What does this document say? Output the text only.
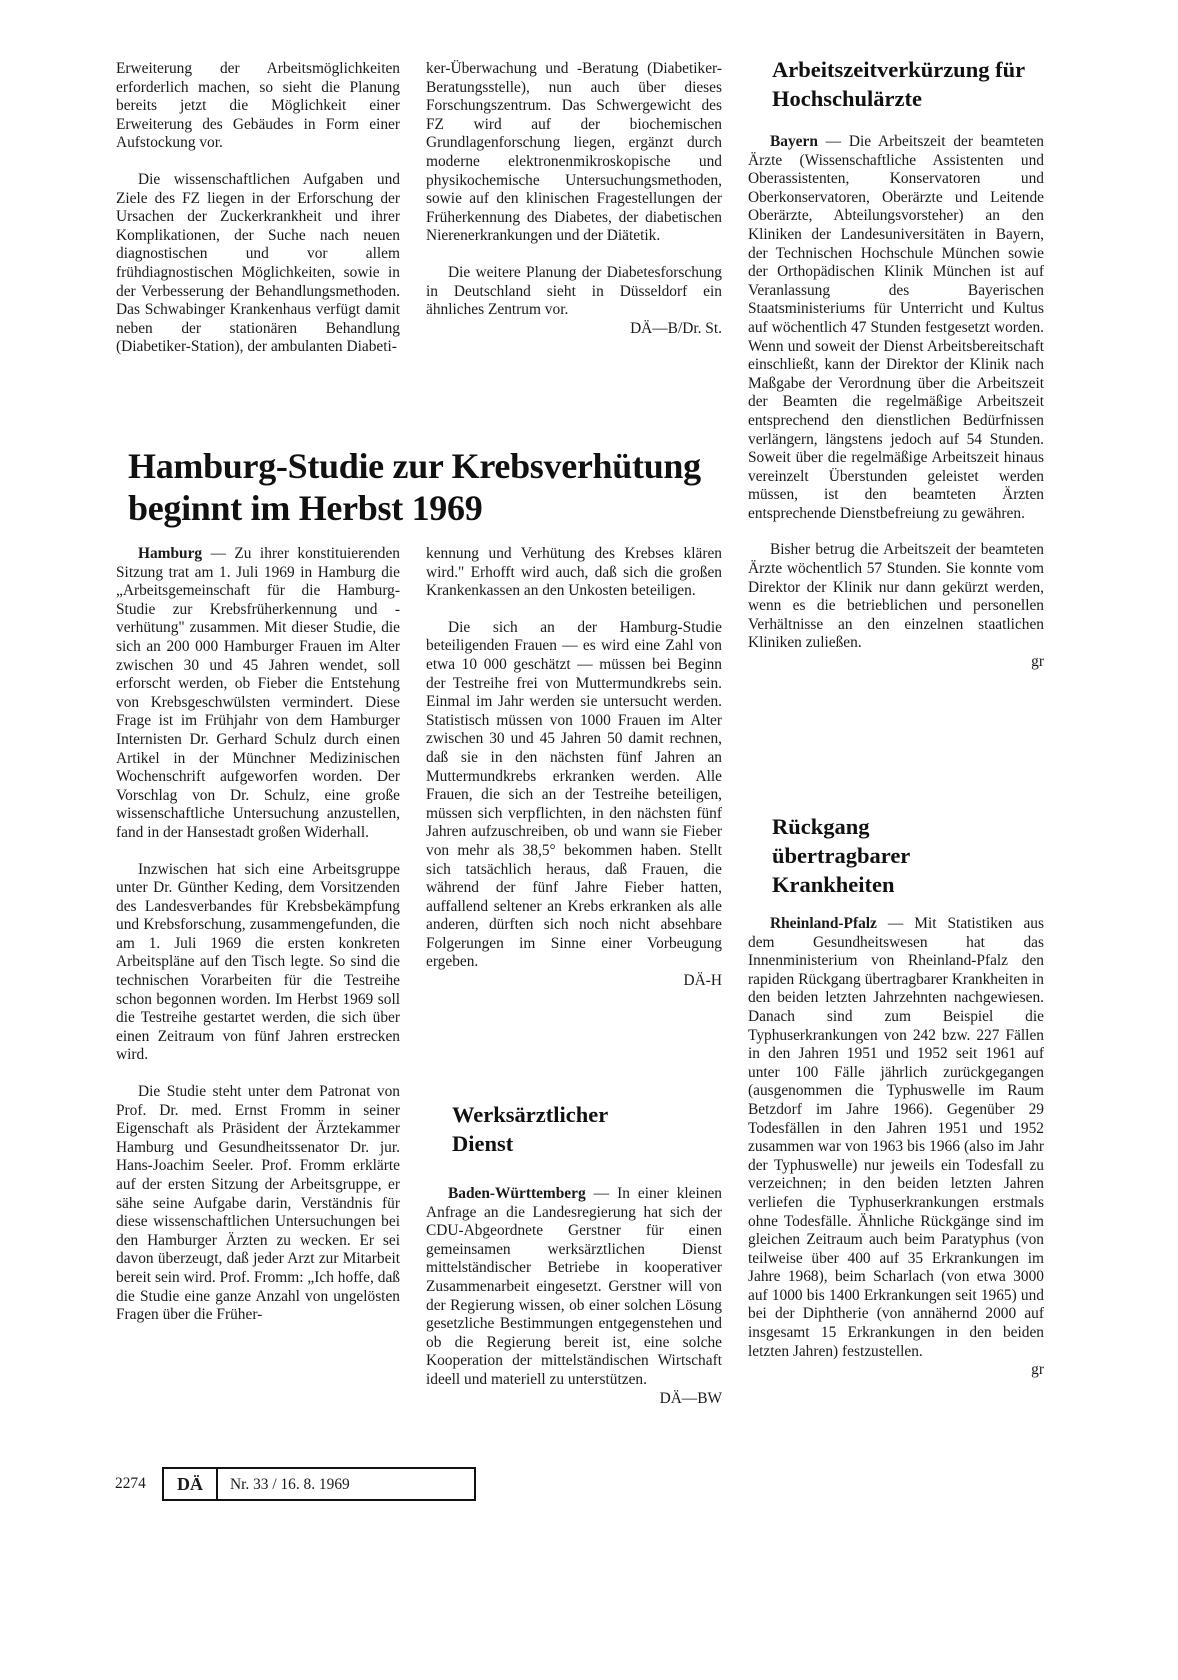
Erweiterung der Arbeitsmöglichkeiten erforderlich machen, so sieht die Planung bereits jetzt die Möglichkeit einer Erweiterung des Gebäudes in Form einer Aufstockung vor.

Die wissenschaftlichen Aufgaben und Ziele des FZ liegen in der Erforschung der Ursachen der Zuckerkrankheit und ihrer Komplikationen, der Suche nach neuen diagnostischen und vor allem frühdiagnostischen Möglichkeiten, sowie in der Verbesserung der Behandlungsmethoden. Das Schwabinger Krankenhaus verfügt damit neben der stationären Behandlung (Diabetiker-Station), der ambulanten Diabeti-

ker-Überwachung und -Beratung (Diabetiker-Beratungsstelle), nun auch über dieses Forschungszentrum. Das Schwergewicht des FZ wird auf der biochemischen Grundlagenforschung liegen, ergänzt durch moderne elektronenmikroskopische und physikochemische Untersuchungsmethoden, sowie auf den klinischen Fragestellungen der Früherkennung des Diabetes, der diabetischen Nierenerkrankungen und der Diätetik.

Die weitere Planung der Diabetesforschung in Deutschland sieht in Düsseldorf ein ähnliches Zentrum vor.

DÄ—B/Dr. St.
Hamburg-Studie zur Krebsverhütung beginnt im Herbst 1969

Hamburg — Zu ihrer konstituierenden Sitzung trat am 1. Juli 1969 in Hamburg die „Arbeitsgemeinschaft für die Hamburg-Studie zur Krebsfrüherkennung und -verhütung" zusammen. Mit dieser Studie, die sich an 200 000 Hamburger Frauen im Alter zwischen 30 und 45 Jahren wendet, soll erforscht werden, ob Fieber die Entstehung von Krebsgeschwülsten vermindert. Diese Frage ist im Frühjahr von dem Hamburger Internisten Dr. Gerhard Schulz durch einen Artikel in der Münchner Medizinischen Wochenschrift aufgeworfen worden. Der Vorschlag von Dr. Schulz, eine große wissenschaftliche Untersuchung anzustellen, fand in der Hansestadt großen Widerhall.

Inzwischen hat sich eine Arbeitsgruppe unter Dr. Günther Keding, dem Vorsitzenden des Landesverbandes für Krebsbekämpfung und Krebsforschung, zusammengefunden, die am 1. Juli 1969 die ersten konkreten Arbeitspläne auf den Tisch legte. So sind die technischen Vorarbeiten für die Testreihe schon begonnen worden. Im Herbst 1969 soll die Testreihe gestartet werden, die sich über einen Zeitraum von fünf Jahren erstrecken wird.

Die Studie steht unter dem Patronat von Prof. Dr. med. Ernst Fromm in seiner Eigenschaft als Präsident der Ärztekammer Hamburg und Gesundheitssenator Dr. jur. Hans-Joachim Seeler. Prof. Fromm erklärte auf der ersten Sitzung der Arbeitsgruppe, er sähe seine Aufgabe darin, Verständnis für diese wissenschaftlichen Untersuchungen bei den Hamburger Ärzten zu wecken. Er sei davon überzeugt, daß jeder Arzt zur Mitarbeit bereit sein wird. Prof. Fromm: „Ich hoffe, daß die Studie eine ganze Anzahl von ungelösten Fragen über die Früher-

kennung und Verhütung des Krebses klären wird." Erhofft wird auch, daß sich die großen Krankenkassen an den Unkosten beteiligen.

Die sich an der Hamburg-Studie beteiligenden Frauen — es wird eine Zahl von etwa 10 000 geschätzt — müssen bei Beginn der Testreihe frei von Muttermundkrebs sein. Einmal im Jahr werden sie untersucht werden. Statistisch müssen von 1000 Frauen im Alter zwischen 30 und 45 Jahren 50 damit rechnen, daß sie in den nächsten fünf Jahren an Muttermundkrebs erkranken werden. Alle Frauen, die sich an der Testreihe beteiligen, müssen sich verpflichten, in den nächsten fünf Jahren aufzuschreiben, ob und wann sie Fieber von mehr als 38,5° bekommen haben. Stellt sich tatsächlich heraus, daß Frauen, die während der fünf Jahre Fieber hatten, auffallend seltener an Krebs erkranken als alle anderen, dürften sich noch nicht absehbare Folgerungen im Sinne einer Vorbeugung ergeben.

DÄ-H
Werksärztlicher Dienst

Baden-Württemberg — In einer kleinen Anfrage an die Landesregierung hat sich der CDU-Abgeordnete Gerstner für einen gemeinsamen werksärztlichen Dienst mittelständischer Betriebe in kooperativer Zusammenarbeit eingesetzt. Gerstner will von der Regierung wissen, ob einer solchen Lösung gesetzliche Bestimmungen entgegenstehen und ob die Regierung bereit ist, eine solche Kooperation der mittelständischen Wirtschaft ideell und materiell zu unterstützen.

DÄ—BW
Arbeitszeitverkürzung für Hochschulärzte

Bayern — Die Arbeitszeit der beamteten Ärzte (Wissenschaftliche Assistenten und Oberassistenten, Konservatoren und Oberkonservatoren, Oberärzte und Leitende Oberärzte, Abteilungsvorsteher) an den Kliniken der Landesuniversitäten in Bayern, der Technischen Hochschule München sowie der Orthopädischen Klinik München ist auf Veranlassung des Bayerischen Staatsministeriums für Unterricht und Kultus auf wöchentlich 47 Stunden festgesetzt worden. Wenn und soweit der Dienst Arbeitsbereitschaft einschließt, kann der Direktor der Klinik nach Maßgabe der Verordnung über die Arbeitszeit der Beamten die regelmäßige Arbeitszeit entsprechend den dienstlichen Bedürfnissen verlängern, längstens jedoch auf 54 Stunden. Soweit über die regelmäßige Arbeitszeit hinaus vereinzelt Überstunden geleistet werden müssen, ist den beamteten Ärzten entsprechende Dienstbefreiung zu gewähren.

Bisher betrug die Arbeitszeit der beamteten Ärzte wöchentlich 57 Stunden. Sie konnte vom Direktor der Klinik nur dann gekürzt werden, wenn es die betrieblichen und personellen Verhältnisse an den einzelnen staatlichen Kliniken zuließen.

gr
Rückgang übertragbarer Krankheiten

Rheinland-Pfalz — Mit Statistiken aus dem Gesundheitswesen hat das Innenministerium von Rheinland-Pfalz den rapiden Rückgang übertragbarer Krankheiten in den beiden letzten Jahrzehnten nachgewiesen. Danach sind zum Beispiel die Typhuserkrankungen von 242 bzw. 227 Fällen in den Jahren 1951 und 1952 seit 1961 auf unter 100 Fälle jährlich zurückgegangen (ausgenommen die Typhuswelle im Raum Betzdorf im Jahre 1966). Gegenüber 29 Todesfällen in den Jahren 1951 und 1952 zusammen war von 1963 bis 1966 (also im Jahr der Typhuswelle) nur jeweils ein Todesfall zu verzeichnen; in den beiden letzten Jahren verliefen die Typhuserkrankungen erstmals ohne Todesfälle. Ähnliche Rückgänge sind im gleichen Zeitraum auch beim Paratyphus (von teilweise über 400 auf 35 Erkrankungen im Jahre 1968), beim Scharlach (von etwa 3000 auf 1000 bis 1400 Erkrankungen seit 1965) und bei der Diphtherie (von annähernd 2000 auf insgesamt 15 Erkrankungen in den beiden letzten Jahren) festzustellen.

gr
2274	DÄ	Nr. 33 / 16. 8. 1969
